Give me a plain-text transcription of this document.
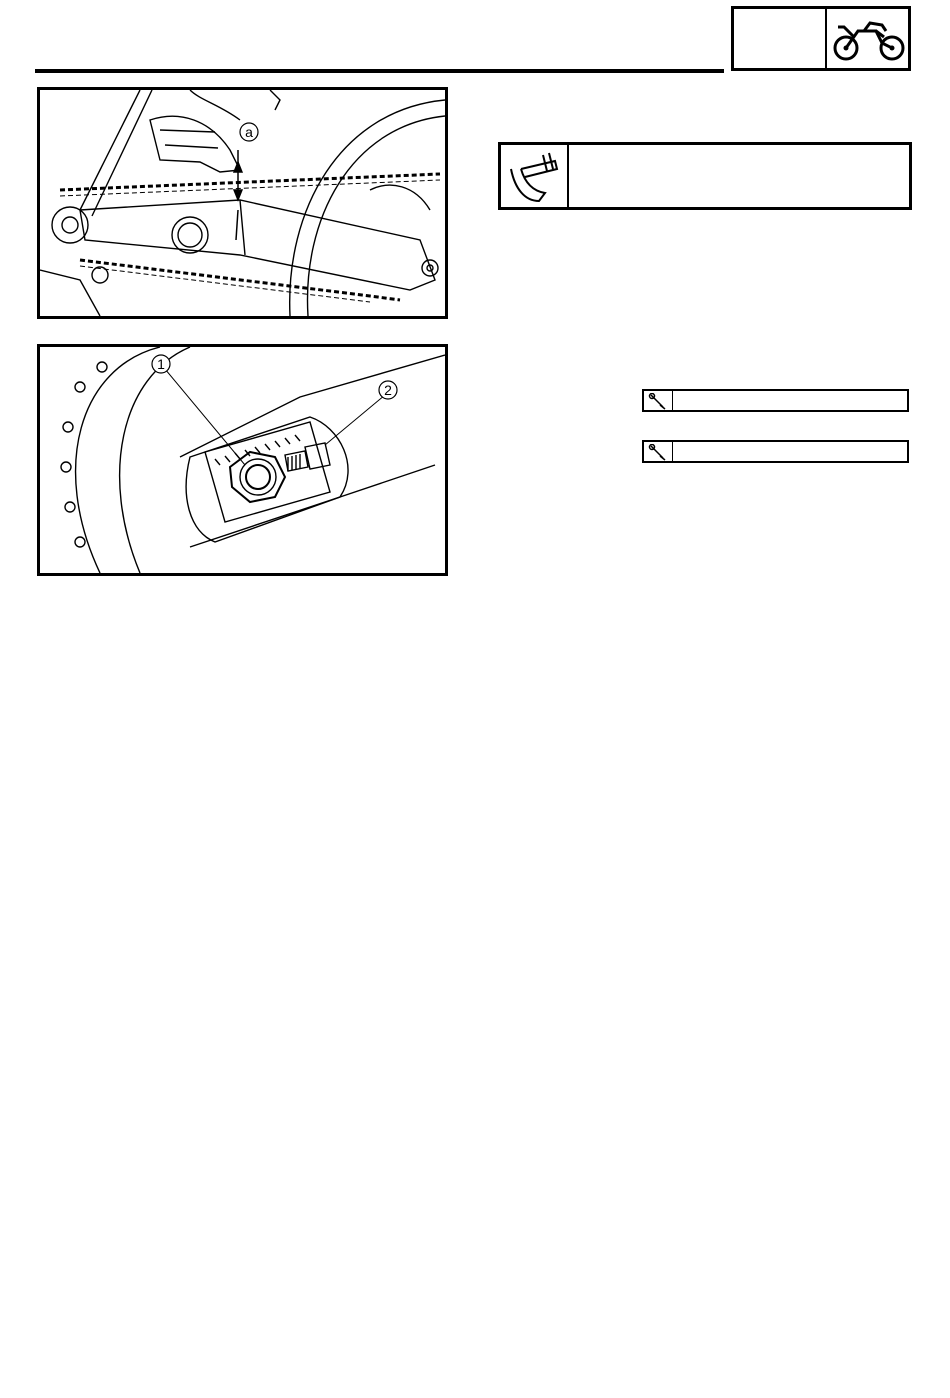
a
1
2
